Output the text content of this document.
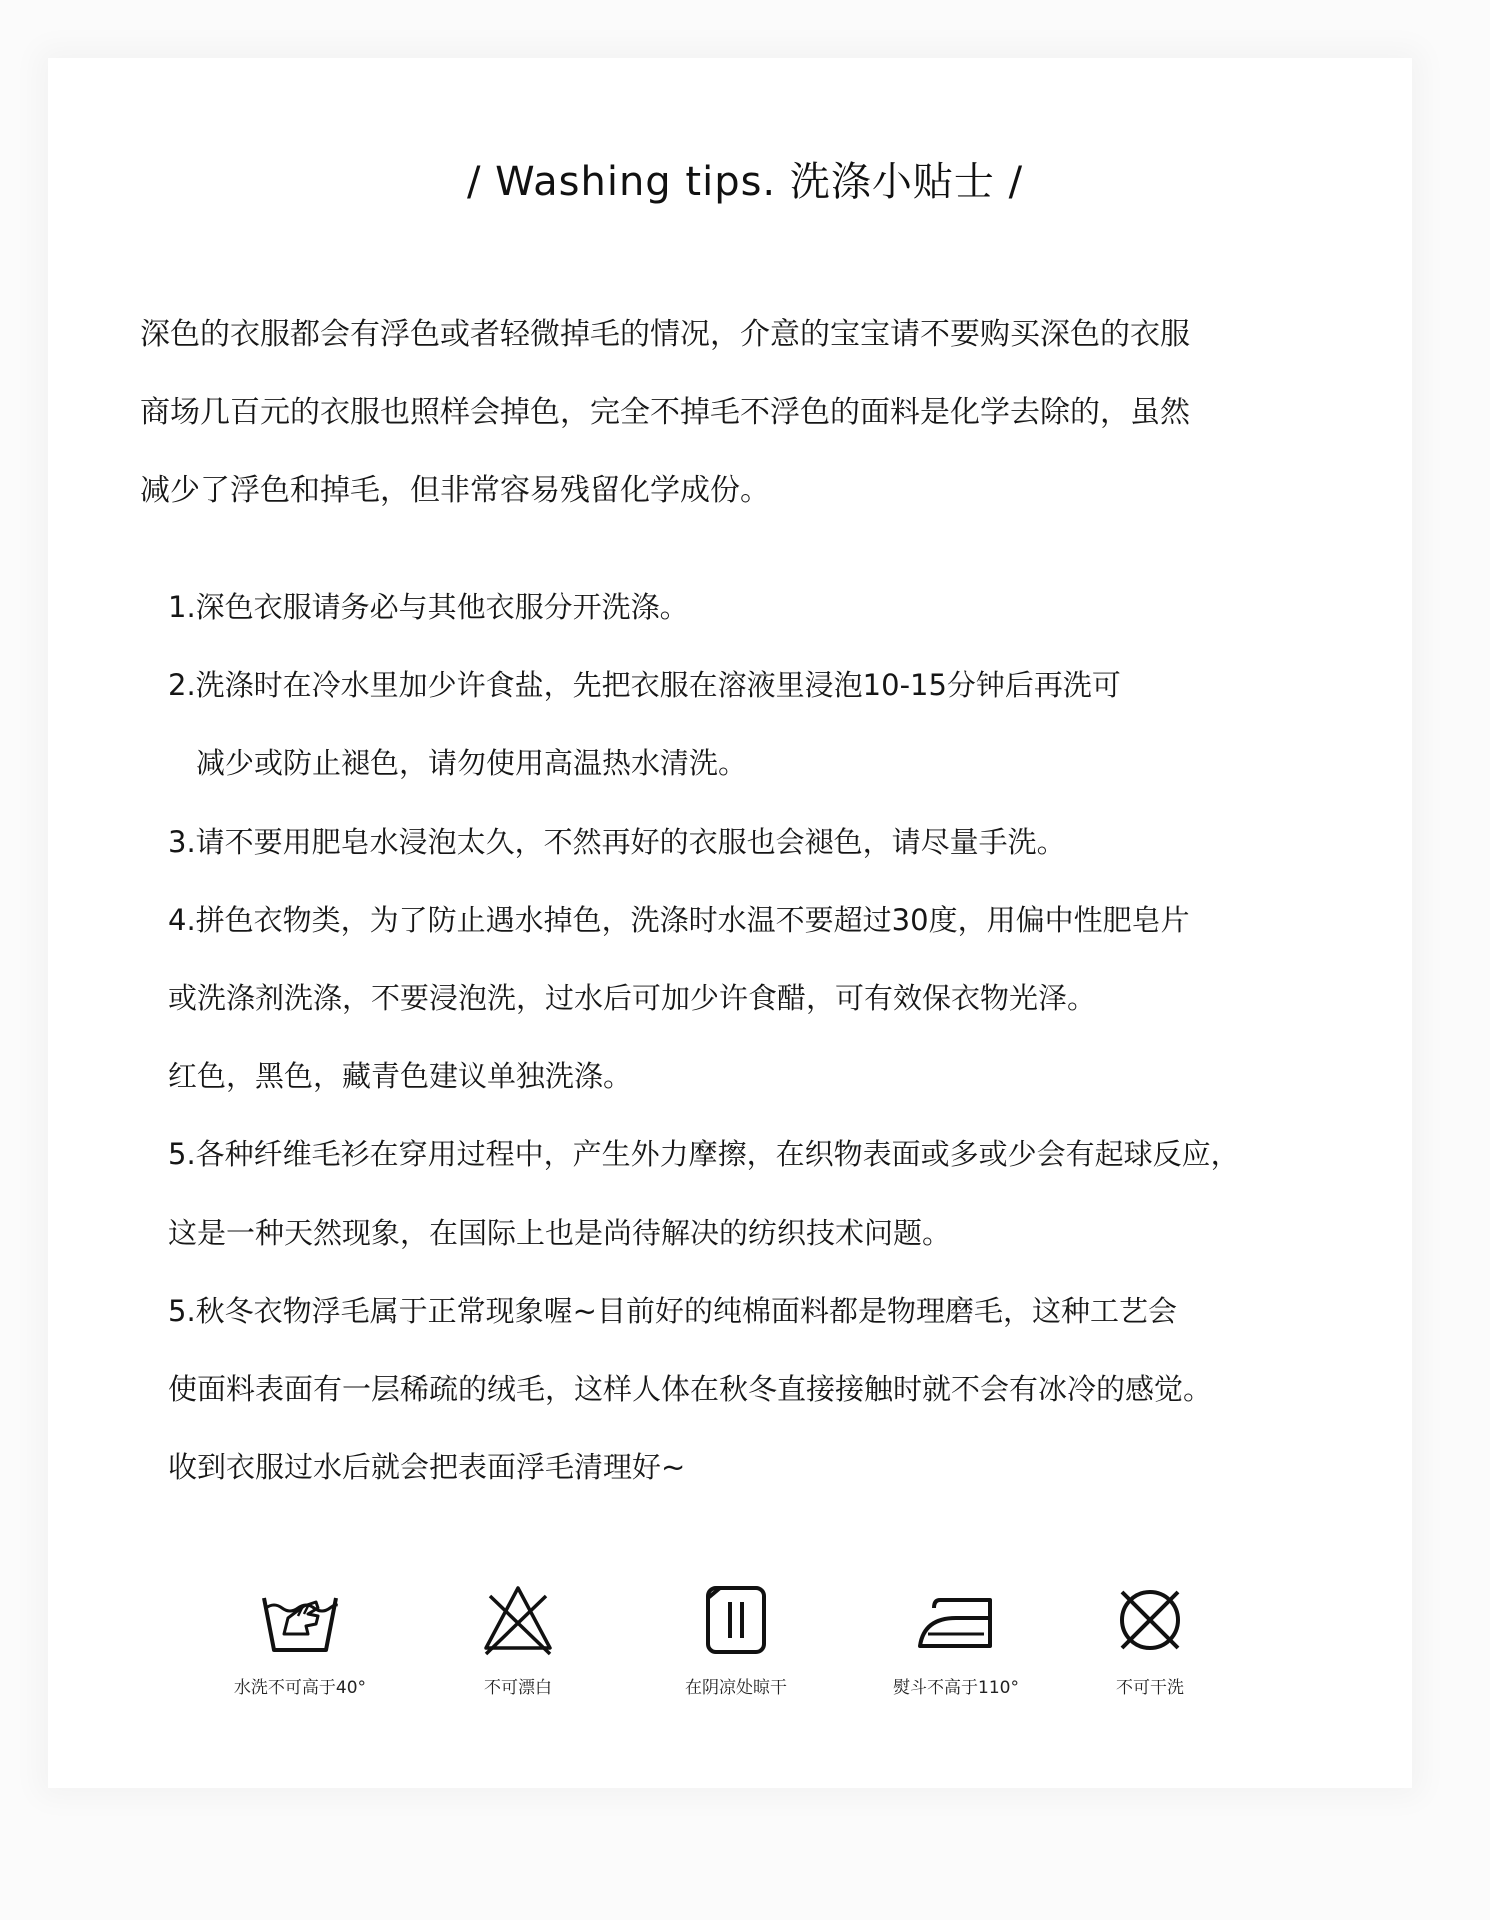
/ Washing tips. 洗涤小贴士 /
深色的衣服都会有浮色或者轻微掉毛的情况，介意的宝宝请不要购买深色的衣服
商场几百元的衣服也照样会掉色，完全不掉毛不浮色的面料是化学去除的，虽然
减少了浮色和掉毛，但非常容易残留化学成份。
1.深色衣服请务必与其他衣服分开洗涤。
2.洗涤时在冷水里加少许食盐，先把衣服在溶液里浸泡10-15分钟后再洗可
减少或防止褪色，请勿使用高温热水清洗。
3.请不要用肥皂水浸泡太久，不然再好的衣服也会褪色，请尽量手洗。
4.拼色衣物类，为了防止遇水掉色，洗涤时水温不要超过30度，用偏中性肥皂片
或洗涤剂洗涤，不要浸泡洗，过水后可加少许食醋，可有效保衣物光泽。
红色，黑色，藏青色建议单独洗涤。
5.各种纤维毛衫在穿用过程中，产生外力摩擦，在织物表面或多或少会有起球反应，
这是一种天然现象，在国际上也是尚待解决的纺织技术问题。
5.秋冬衣物浮毛属于正常现象喔~目前好的纯棉面料都是物理磨毛，这种工艺会
使面料表面有一层稀疏的绒毛，这样人体在秋冬直接接触时就不会有冰冷的感觉。
收到衣服过水后就会把表面浮毛清理好~
水洗不可高于40°	不可漂白	在阴凉处晾干	熨斗不高于110°	不可干洗
